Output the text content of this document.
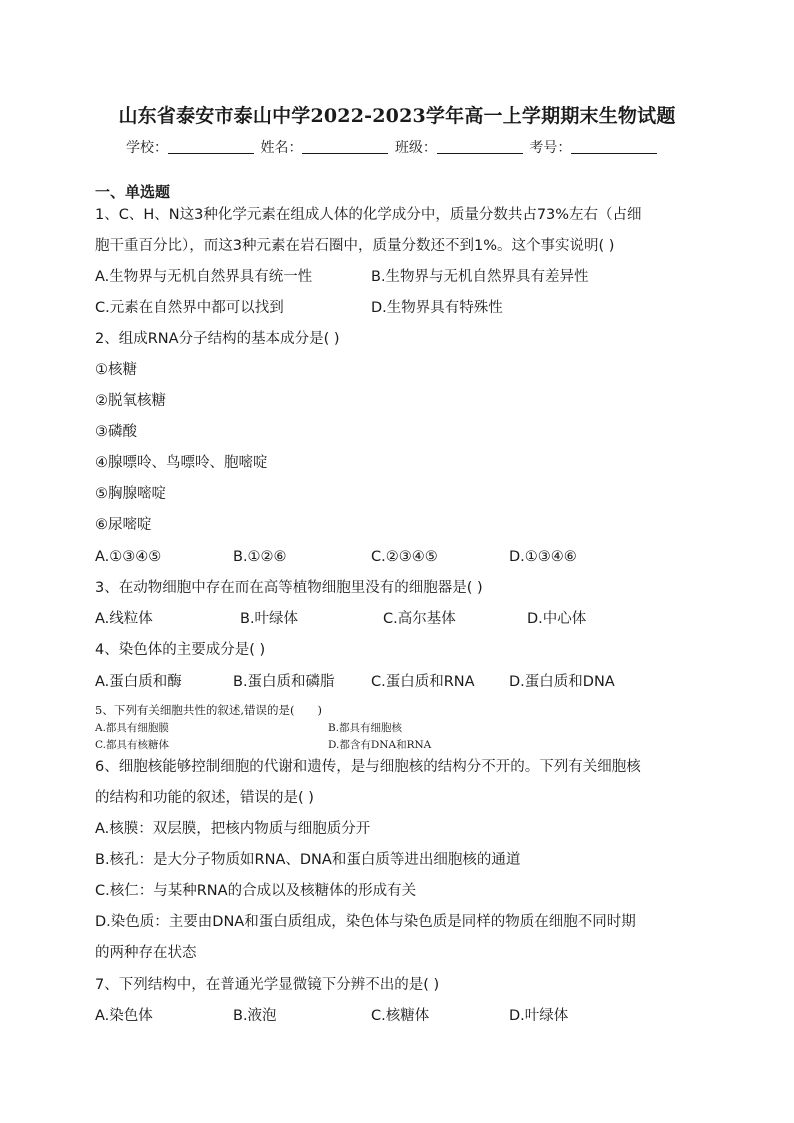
山东省泰安市泰山中学2022-2023学年高一上学期期末生物试题
学校：	姓名：	班级：	考号：
一、单选题
1、C、H、N这3种化学元素在组成人体的化学成分中，质量分数共占73%左右（占细
胞干重百分比），而这3种元素在岩石圈中，质量分数还不到1%。这个事实说明( )
A.生物界与无机自然界具有统一性	B.生物界与无机自然界具有差异性
C.元素在自然界中都可以找到	D.生物界具有特殊性
2、组成RNA分子结构的基本成分是( )
①核糖
②脱氧核糖
③磷酸
④腺嘌呤、鸟嘌呤、胞嘧啶
⑤胸腺嘧啶
⑥尿嘧啶
A.①③④⑤	B.①②⑥	C.②③④⑤	D.①③④⑥
3、在动物细胞中存在而在高等植物细胞里没有的细胞器是( )
A.线粒体	B.叶绿体	C.高尔基体	D.中心体
4、染色体的主要成分是( )
A.蛋白质和酶	B.蛋白质和磷脂	C.蛋白质和RNA D.蛋白质和DNA
5、下列有关细胞共性的叙述,错误的是(　　)
A.都具有细胞膜	B.都具有细胞核
C.都具有核糖体	D.都含有DNA和RNA
6、细胞核能够控制细胞的代谢和遗传，是与细胞核的结构分不开的。下列有关细胞核
的结构和功能的叙述，错误的是( )
A.核膜：双层膜，把核内物质与细胞质分开
B.核孔：是大分子物质如RNA、DNA和蛋白质等进出细胞核的通道
C.核仁：与某种RNA的合成以及核糖体的形成有关
D.染色质：主要由DNA和蛋白质组成，染色体与染色质是同样的物质在细胞不同时期
的两种存在状态
7、下列结构中，在普通光学显微镜下分辨不出的是( )
A.染色体	B.液泡	C.核糖体	D.叶绿体
